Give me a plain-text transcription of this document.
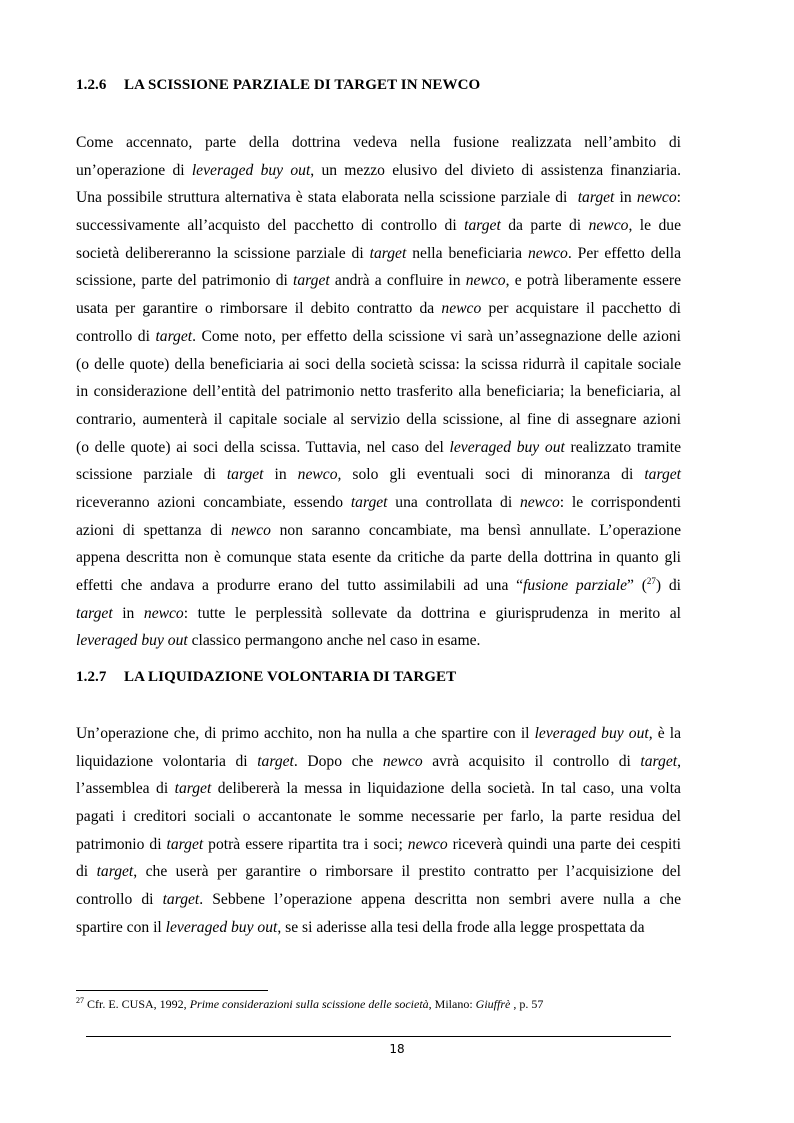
1.2.6 LA SCISSIONE PARZIALE DI TARGET IN NEWCO
Come accennato, parte della dottrina vedeva nella fusione realizzata nell’ambito di
un’operazione di leveraged buy out, un mezzo elusivo del divieto di assistenza finanziaria.
Una possibile struttura alternativa è stata elaborata nella scissione parziale di  target in newco:
successivamente all’acquisto del pacchetto di controllo di target da parte di newco, le due
società delibereranno la scissione parziale di target nella beneficiaria newco. Per effetto della
scissione, parte del patrimonio di target andrà a confluire in newco, e potrà liberamente essere
usata per garantire o rimborsare il debito contratto da newco per acquistare il pacchetto di
controllo di target. Come noto, per effetto della scissione vi sarà un’assegnazione delle azioni
(o delle quote) della beneficiaria ai soci della società scissa: la scissa ridurrà il capitale sociale
in considerazione dell’entità del patrimonio netto trasferito alla beneficiaria; la beneficiaria, al
contrario, aumenterà il capitale sociale al servizio della scissione, al fine di assegnare azioni
(o delle quote) ai soci della scissa. Tuttavia, nel caso del leveraged buy out realizzato tramite
scissione parziale di target in newco, solo gli eventuali soci di minoranza di target
riceveranno azioni concambiate, essendo target una controllata di newco: le corrispondenti
azioni di spettanza di newco non saranno concambiate, ma bensì annullate. L’operazione
appena descritta non è comunque stata esente da critiche da parte della dottrina in quanto gli
effetti che andava a produrre erano del tutto assimilabili ad una “fusione parziale” ($^{27}$) di
target in newco: tutte le perplessità sollevate da dottrina e giurisprudenza in merito al
leveraged buy out classico permangono anche nel caso in esame.
1.2.7 LA LIQUIDAZIONE VOLONTARIA DI TARGET
Un’operazione che, di primo acchito, non ha nulla a che spartire con il leveraged buy out, è la
liquidazione volontaria di target. Dopo che newco avrà acquisito il controllo di target,
l’assemblea di target delibererà la messa in liquidazione della società. In tal caso, una volta
pagati i creditori sociali o accantonate le somme necessarie per farlo, la parte residua del
patrimonio di target potrà essere ripartita tra i soci; newco riceverà quindi una parte dei cespiti
di target, che userà per garantire o rimborsare il prestito contratto per l’acquisizione del
controllo di target. Sebbene l’operazione appena descritta non sembri avere nulla a che
spartire con il leveraged buy out, se si aderisse alla tesi della frode alla legge prospettata da
$^{27}$ Cfr. E. CUSA, 1992, Prime considerazioni sulla scissione delle società, Milano: Giuffrè , p. 57
18
